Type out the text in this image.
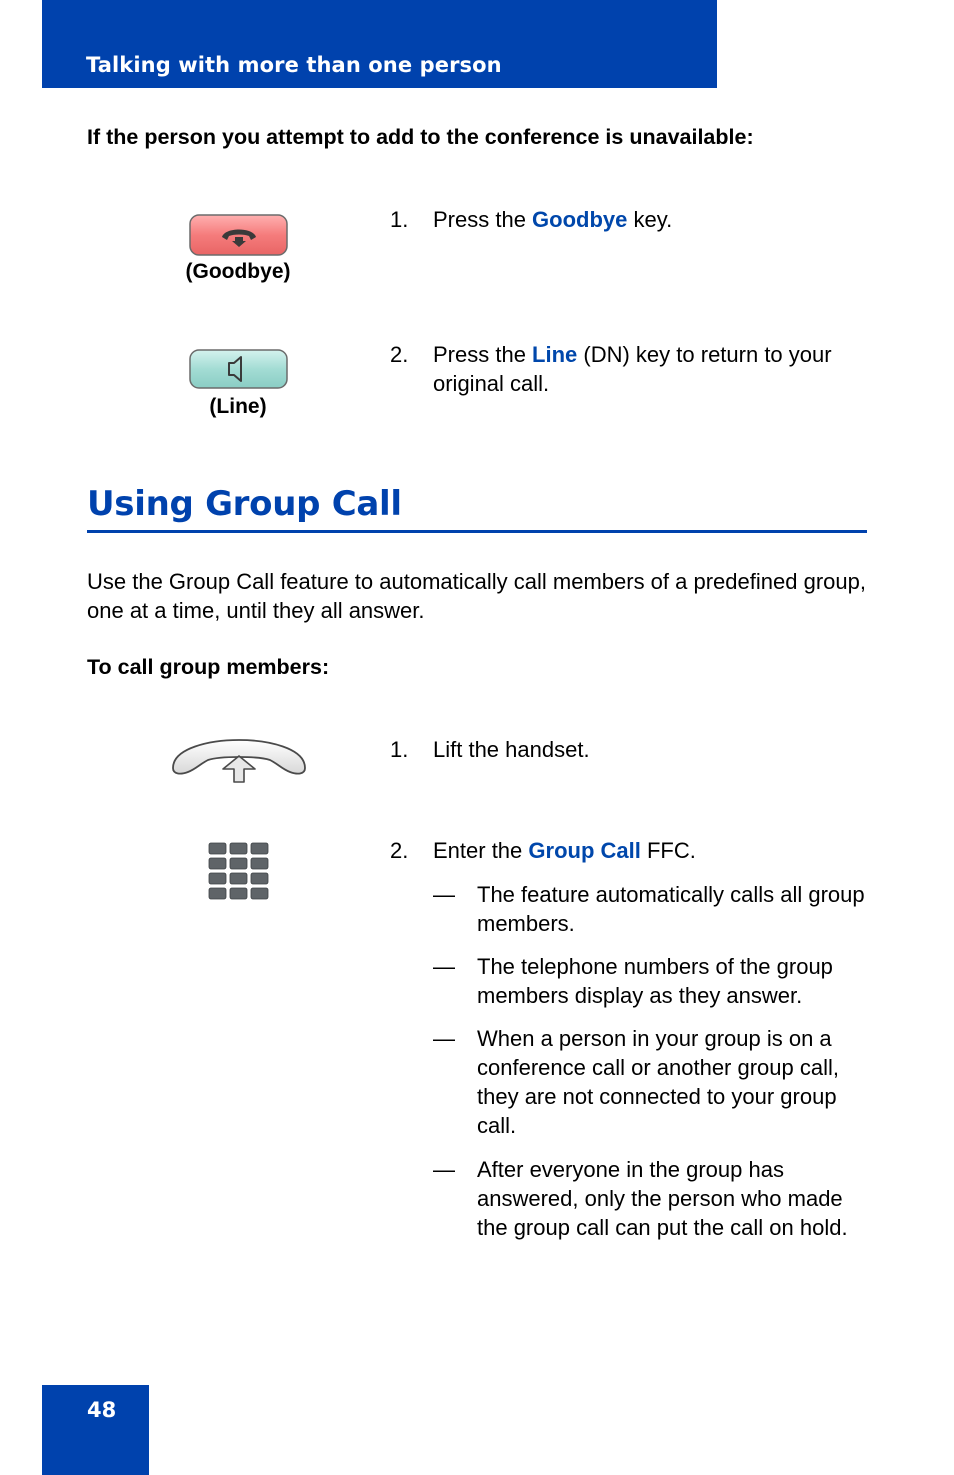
Talking with more than one person
If the person you attempt to add to the conference is unavailable:
(Goodbye)
1. Press the Goodbye key.
(Line)
2. Press the Line (DN) key to return to your original call.
Using Group Call
Use the Group Call feature to automatically call members of a predefined group, one at a time, until they all answer.
To call group members:
1. Lift the handset.
2. Enter the Group Call FFC.
— The feature automatically calls all group members.
— The telephone numbers of the group members display as they answer.
— When a person in your group is on a conference call or another group call, they are not connected to your group call.
— After everyone in the group has answered, only the person who made the group call can put the call on hold.
48
